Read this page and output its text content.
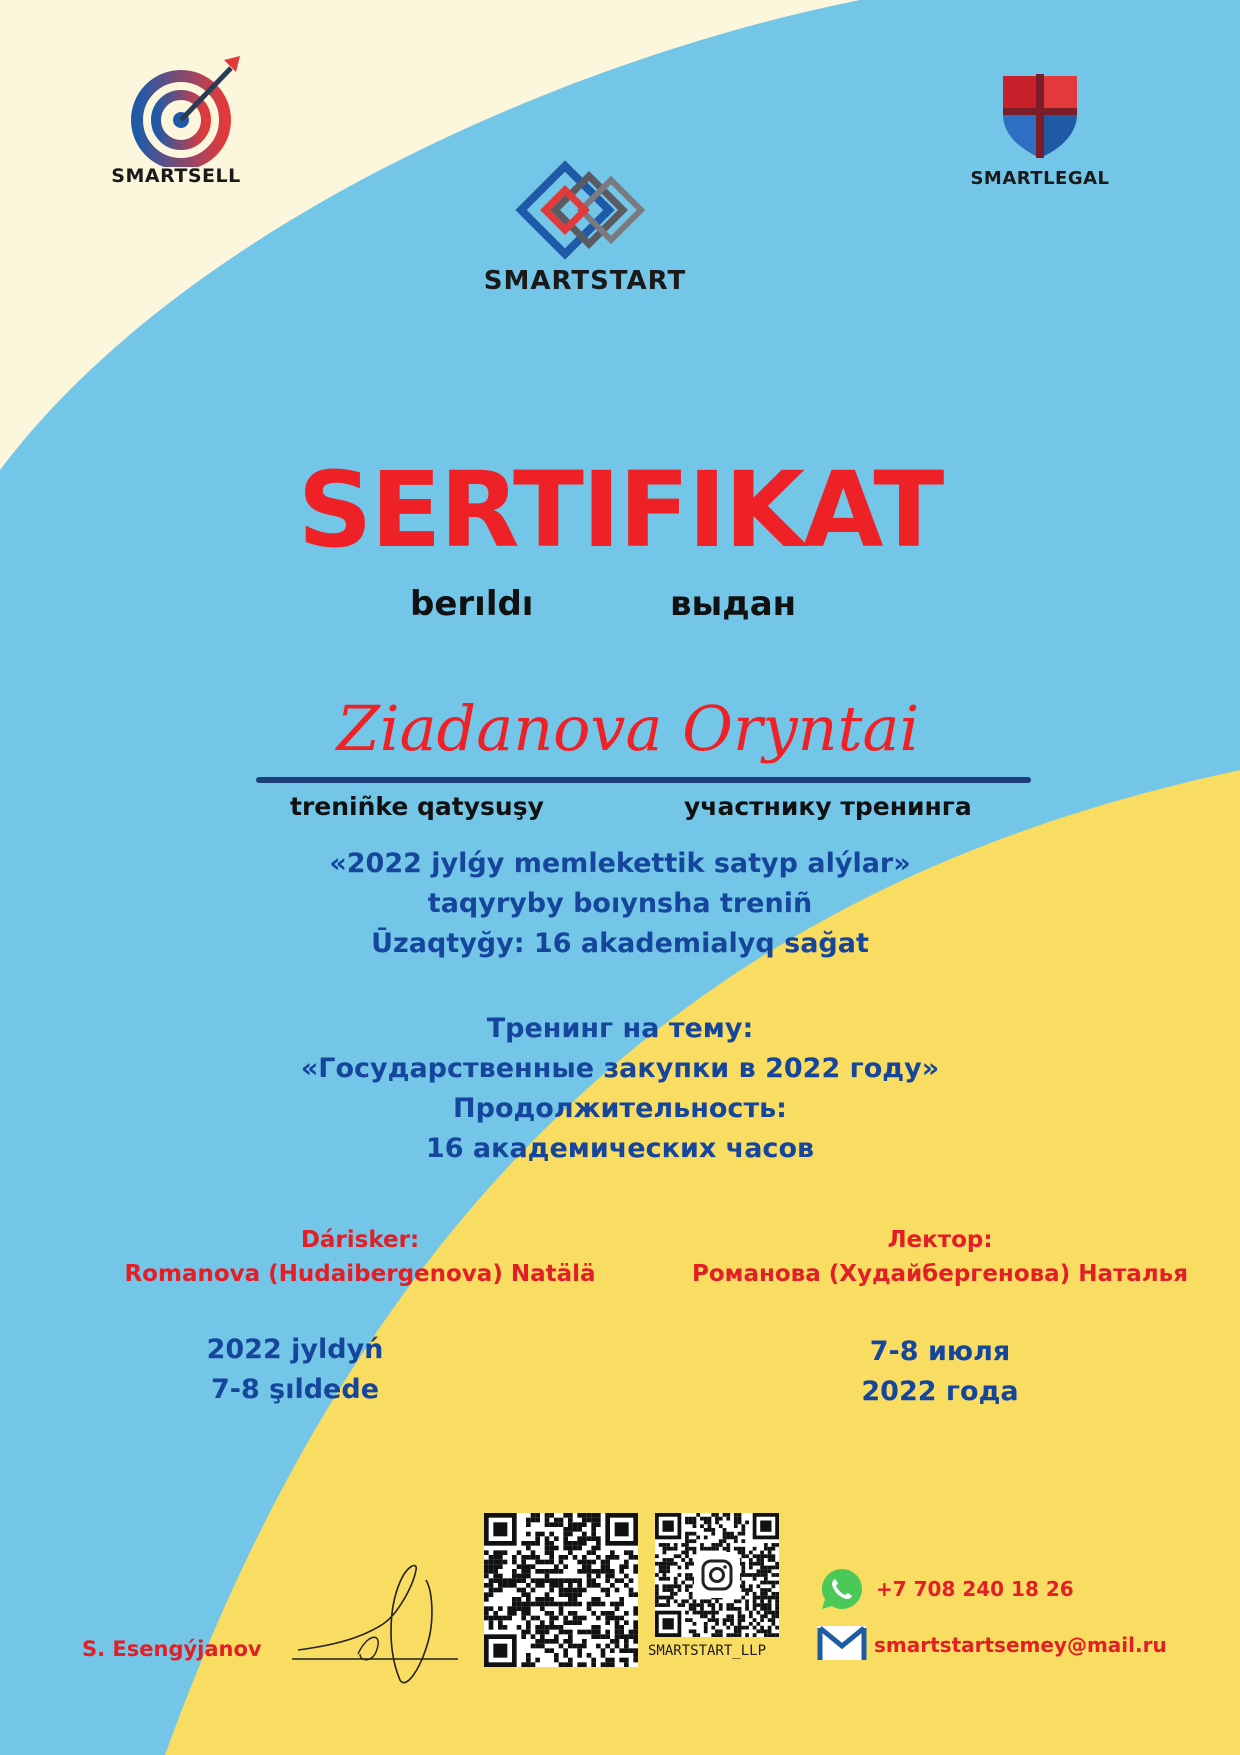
SMARTSELL	SMARTLEGAL
SMARTSTART
SERTIFIKAT
berıldı	выдан
Ziadanova Oryntai
treniñke qatysuşy	участнику тренинга
«2022 jylǵy memlekettik satyp alýlar»
taqyryby boıynsha treniñ
Ūzaqtyğy: 16 akademialyq sağat
Тренинг на тему:
«Государственные закупки в 2022 году»
Продолжительность:
16 академических часов
Dárisker:
Romanova (Hudaibergenova) Natälä
Лектор:
Романова (Худайбергенова) Наталья
2022 jyldyń
7-8 şıldede
7-8 июля
2022 года
S. Esengýjanov	SMARTSTART_LLP
+7 708 240 18 26
smartstartsemey@mail.ru
